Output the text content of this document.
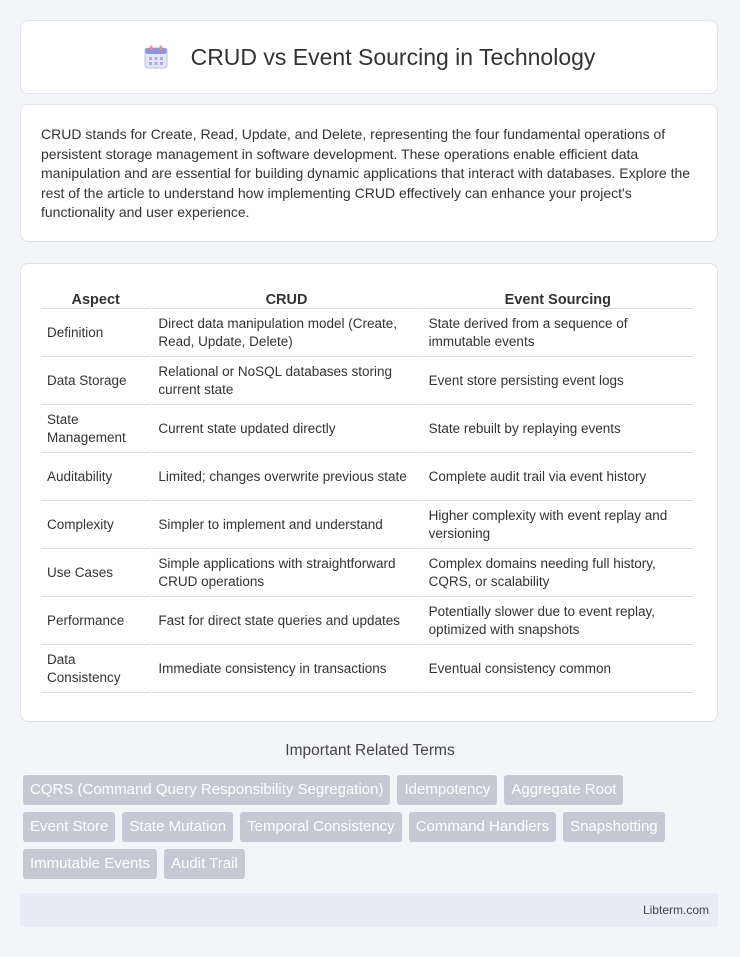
CRUD vs Event Sourcing in Technology

CRUD stands for Create, Read, Update, and Delete, representing the four fundamental operations of persistent storage management in software development. These operations enable efficient data manipulation and are essential for building dynamic applications that interact with databases. Explore the rest of the article to understand how implementing CRUD effectively can enhance your project's functionality and user experience.

Aspect	CRUD	Event Sourcing
Definition	Direct data manipulation model (Create, Read, Update, Delete)	State derived from a sequence of immutable events
Data Storage	Relational or NoSQL databases storing current state	Event store persisting event logs
State Management	Current state updated directly	State rebuilt by replaying events
Auditability	Limited; changes overwrite previous state	Complete audit trail via event history
Complexity	Simpler to implement and understand	Higher complexity with event replay and versioning
Use Cases	Simple applications with straightforward CRUD operations	Complex domains needing full history, CQRS, or scalability
Performance	Fast for direct state queries and updates	Potentially slower due to event replay, optimized with snapshots
Data Consistency	Immediate consistency in transactions	Eventual consistency common
Important Related Terms
CQRS (Command Query Responsibility Segregation)	Idempotency	Aggregate Root
Event Store	State Mutation	Temporal Consistency	Command Handlers	Snapshotting
Immutable Events	Audit Trail
Libterm.com
